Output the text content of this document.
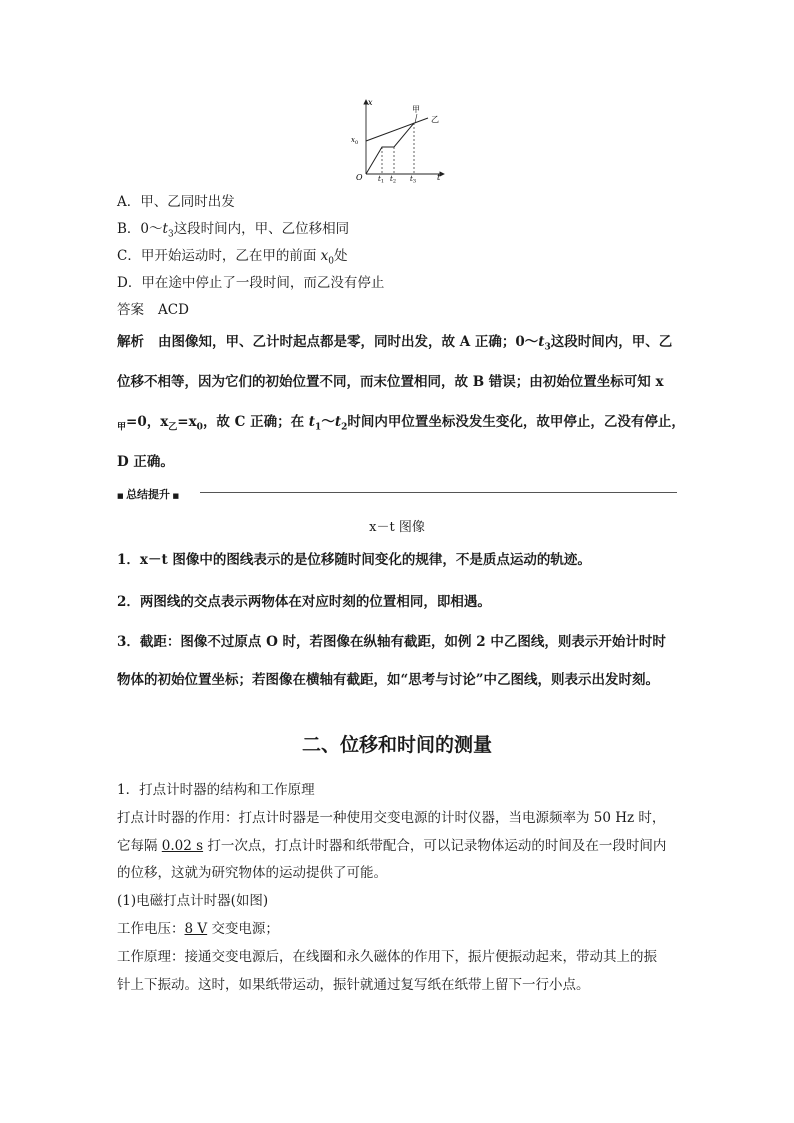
x
t
O
$x_0$
甲
乙
$t_1$ $t_2$ $t_3$
A．甲、乙同时出发
B．$0\sim t_3$这段时间内，甲、乙位移相同
C．甲开始运动时，乙在甲的前面 $x_0$处
D．甲在途中停止了一段时间，而乙没有停止
答案 ACD
解析 由图像知，甲、乙计时起点都是零，同时出发，故 A 正确；$0\sim t_3$这段时间内，甲、乙
位移不相等，因为它们的初始位置不同，而末位置相同，故 B 错误；由初始位置坐标可知 x
$_甲$=0，$x_乙=x_0$，故 C 正确；在 $t_1\sim t_2$时间内甲位置坐标没发生变化，故甲停止，乙没有停止，
D 正确。
■ 总结提升 ■
x－t 图像
1．x－t 图像中的图线表示的是位移随时间变化的规律，不是质点运动的轨迹。
2．两图线的交点表示两物体在对应时刻的位置相同，即相遇。
3．截距：图像不过原点 O 时，若图像在纵轴有截距，如例 2 中乙图线，则表示开始计时时
物体的初始位置坐标；若图像在横轴有截距，如“思考与讨论”中乙图线，则表示出发时刻。
二、位移和时间的测量
1．打点计时器的结构和工作原理
打点计时器的作用：打点计时器是一种使用交变电源的计时仪器，当电源频率为 50 Hz 时，
它每隔 0.02 s 打一次点，打点计时器和纸带配合，可以记录物体运动的时间及在一段时间内
的位移，这就为研究物体的运动提供了可能。
(1)电磁打点计时器(如图)
工作电压：8 V 交变电源；
工作原理：接通交变电源后，在线圈和永久磁体的作用下，振片便振动起来，带动其上的振
针上下振动。这时，如果纸带运动，振针就通过复写纸在纸带上留下一行小点。
